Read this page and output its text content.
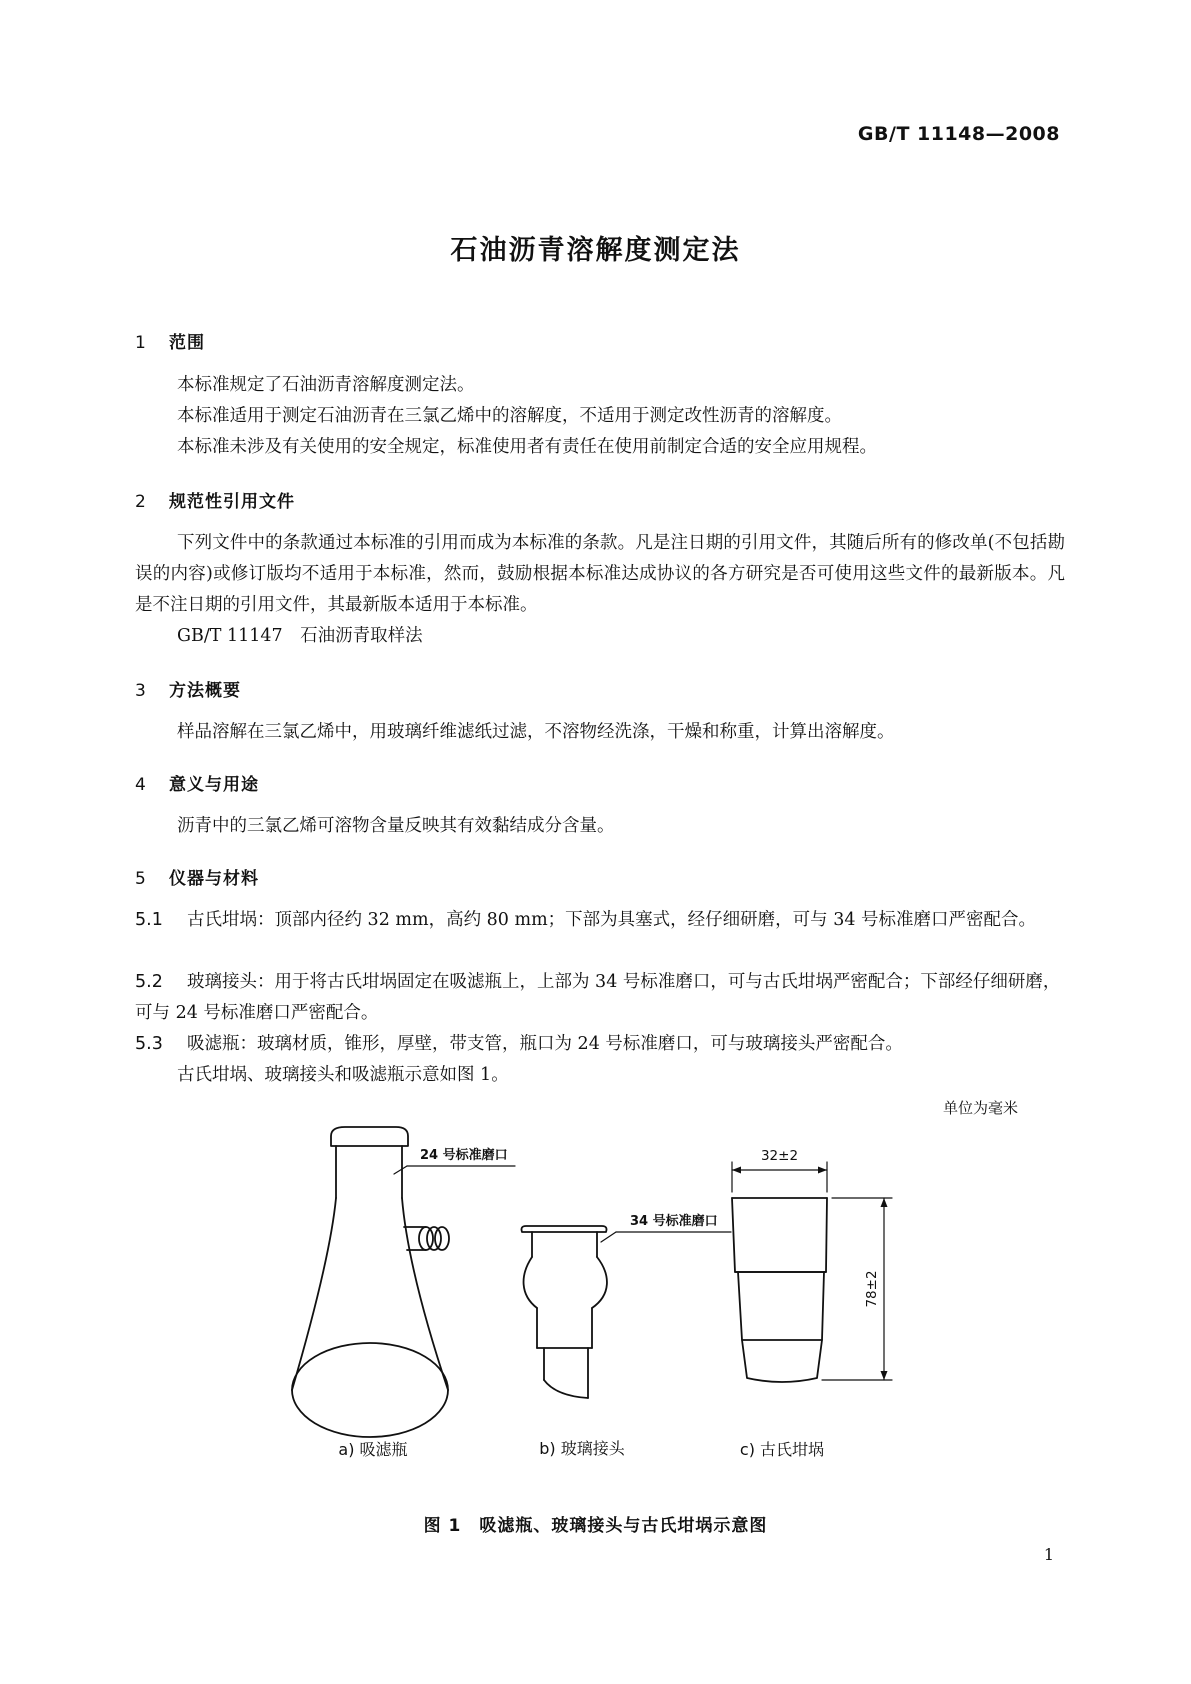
GB/T 11148—2008
石油沥青溶解度测定法
1 范围
本标准规定了石油沥青溶解度测定法。
本标准适用于测定石油沥青在三氯乙烯中的溶解度，不适用于测定改性沥青的溶解度。
本标准未涉及有关使用的安全规定，标准使用者有责任在使用前制定合适的安全应用规程。
2 规范性引用文件
下列文件中的条款通过本标准的引用而成为本标准的条款。凡是注日期的引用文件，其随后所有的修改单(不包括勘误的内容)或修订版均不适用于本标准，然而，鼓励根据本标准达成协议的各方研究是否可使用这些文件的最新版本。凡是不注日期的引用文件，其最新版本适用于本标准。
GB/T 11147　石油沥青取样法
3 方法概要
样品溶解在三氯乙烯中，用玻璃纤维滤纸过滤，不溶物经洗涤，干燥和称重，计算出溶解度。
4 意义与用途
沥青中的三氯乙烯可溶物含量反映其有效黏结成分含量。
5 仪器与材料
5.1 古氏坩埚：顶部内径约 32 mm，高约 80 mm；下部为具塞式，经仔细研磨，可与 34 号标准磨口严密配合。
5.2 玻璃接头：用于将古氏坩埚固定在吸滤瓶上，上部为 34 号标准磨口，可与古氏坩埚严密配合；下部经仔细研磨，可与 24 号标准磨口严密配合。
5.3 吸滤瓶：玻璃材质，锥形，厚壁，带支管，瓶口为 24 号标准磨口，可与玻璃接头严密配合。
古氏坩埚、玻璃接头和吸滤瓶示意如图 1。
单位为毫米
24 号标准磨口
34 号标准磨口
32±2
78±2
a) 吸滤瓶	b) 玻璃接头	c) 古氏坩埚
图 1　吸滤瓶、玻璃接头与古氏坩埚示意图
1
